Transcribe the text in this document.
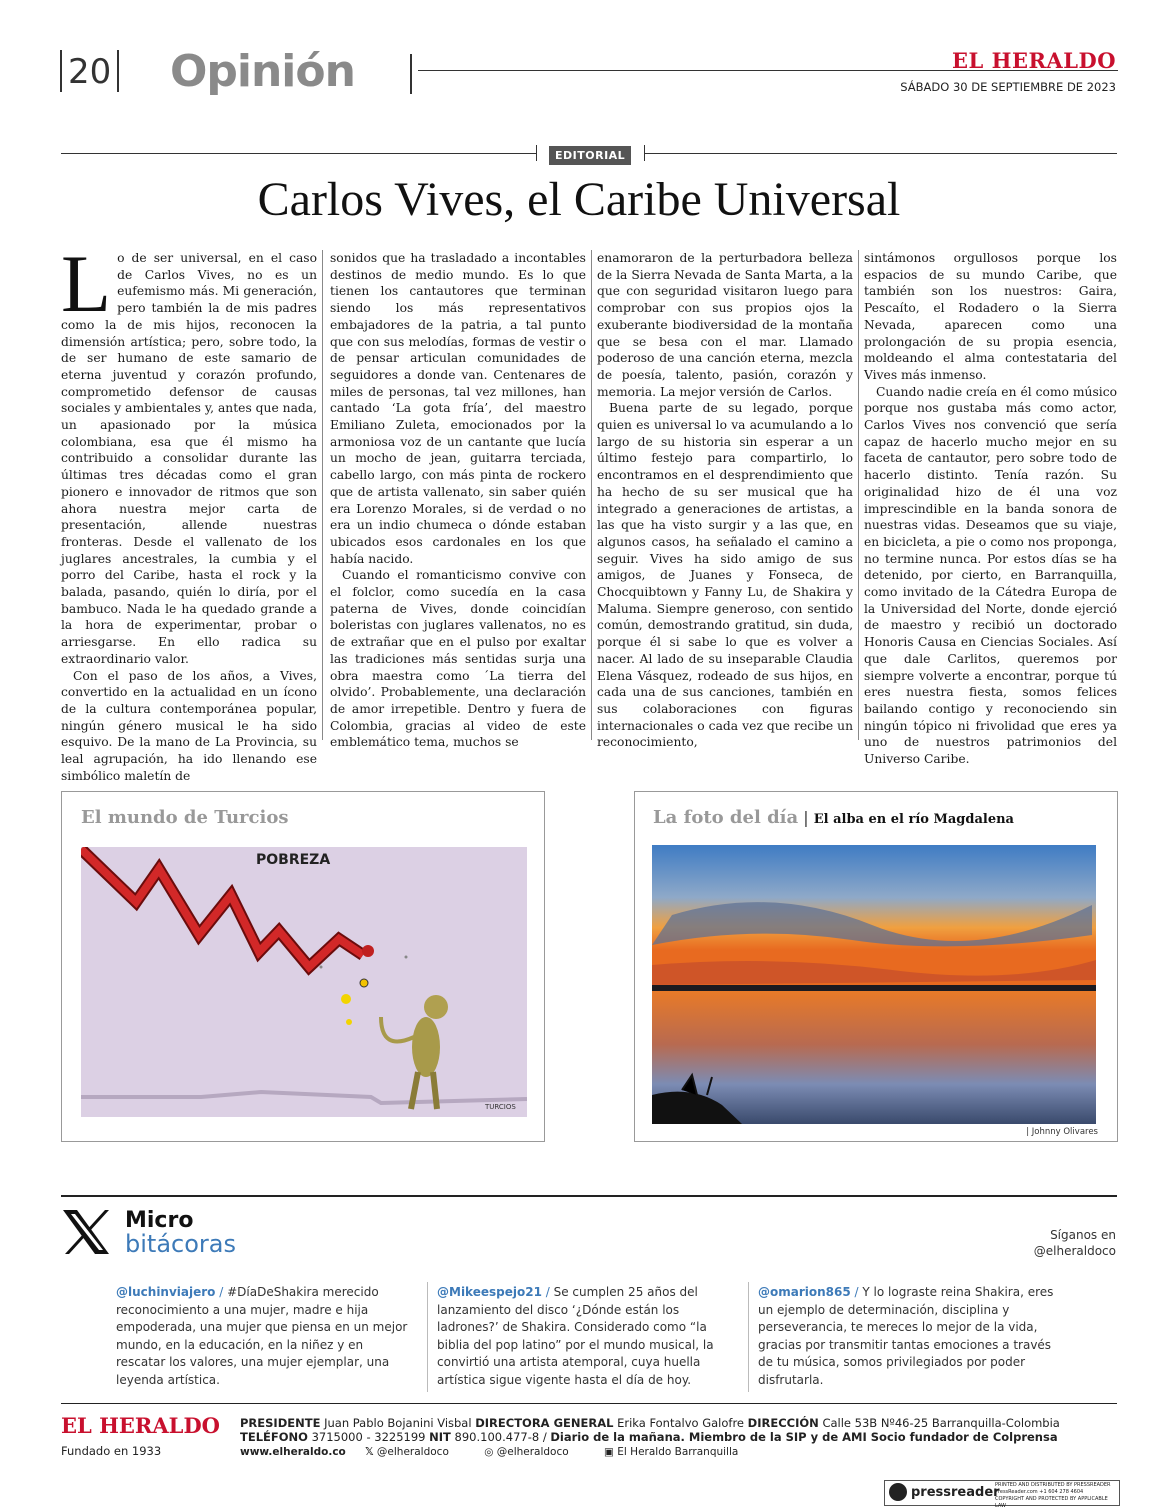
20 Opinión	EL HERALDO
SÁBADO 30 DE SEPTIEMBRE DE 2023
EDITORIAL
Carlos Vives, el Caribe Universal

Lo de ser universal, en el caso de Carlos Vives, no es un eufemismo más. Mi generación, pero también la de mis padres como la de mis hijos, reconocen la dimensión artística; pero, sobre todo, la de ser humano de este samario de eterna juventud y corazón profundo, comprometido defensor de causas sociales y ambientales y, antes que nada, un apasionado por la música colombiana, esa que él mismo ha contribuido a consolidar durante las últimas tres décadas como el gran pionero e innovador de ritmos que son ahora nuestra mejor carta de presentación, allende nuestras fronteras. Desde el vallenato de los juglares ancestrales, la cumbia y el porro del Caribe, hasta el rock y la balada, pasando, quién lo diría, por el bambuco. Nada le ha quedado grande a la hora de experimentar, probar o arriesgarse. En ello radica su extraordinario valor.

Con el paso de los años, a Vives, convertido en la actualidad en un ícono de la cultura contemporánea popular, ningún género musical le ha sido esquivo. De la mano de La Provincia, su leal agrupación, ha ido llenando ese simbólico maletín de

sonidos que ha trasladado a incontables destinos de medio mundo. Es lo que tienen los cantautores que terminan siendo los más representativos embajadores de la patria, a tal punto que con sus melodías, formas de vestir o de pensar articulan comunidades de seguidores a donde van. Centenares de miles de personas, tal vez millones, han cantado ‘La gota fría’, del maestro Emiliano Zuleta, emocionados por la armoniosa voz de un cantante que lucía un mocho de jean, guitarra terciada, cabello largo, con más pinta de rockero que de artista vallenato, sin saber quién era Lorenzo Morales, si de verdad o no era un indio chumeca o dónde estaban ubicados esos cardonales en los que había nacido.

Cuando el romanticismo convive con el folclor, como sucedía en la casa paterna de Vives, donde coincidían boleristas con juglares vallenatos, no es de extrañar que en el pulso por exaltar las tradiciones más sentidas surja una obra maestra como ´La tierra del olvido’. Probablemente, una declaración de amor irrepetible. Dentro y fuera de Colombia, gracias al video de este emblemático tema, muchos se

enamoraron de la perturbadora belleza de la Sierra Nevada de Santa Marta, a la que con seguridad visitaron luego para comprobar con sus propios ojos la exuberante biodiversidad de la montaña que se besa con el mar. Llamado poderoso de una canción eterna, mezcla de poesía, talento, pasión, corazón y memoria. La mejor versión de Carlos.

Buena parte de su legado, porque quien es universal lo va acumulando a lo largo de su historia sin esperar a un último festejo para compartirlo, lo encontramos en el desprendimiento que ha hecho de su ser musical que ha integrado a generaciones de artistas, a las que ha visto surgir y a las que, en algunos casos, ha señalado el camino a seguir. Vives ha sido amigo de sus amigos, de Juanes y Fonseca, de Chocquibtown y Fanny Lu, de Shakira y Maluma. Siempre generoso, con sentido común, demostrando gratitud, sin duda, porque él si sabe lo que es volver a nacer. Al lado de su inseparable Claudia Elena Vásquez, rodeado de sus hijos, en cada una de sus canciones, también en sus colaboraciones con figuras internacionales o cada vez que recibe un reconocimiento,

sintámonos orgullosos porque los espacios de su mundo Caribe, que también son los nuestros: Gaira, Pescaíto, el Rodadero o la Sierra Nevada, aparecen como una prolongación de su propia esencia, moldeando el alma contestataria del Vives más inmenso.

Cuando nadie creía en él como músico porque nos gustaba más como actor, Carlos Vives nos convenció que sería capaz de hacerlo mucho mejor en su faceta de cantautor, pero sobre todo de hacerlo distinto. Tenía razón. Su originalidad hizo de él una voz imprescindible en la banda sonora de nuestras vidas. Deseamos que su viaje, en bicicleta, a pie o como nos proponga, no termine nunca. Por estos días se ha detenido, por cierto, en Barranquilla, como invitado de la Cátedra Europa de la Universidad del Norte, donde ejerció de maestro y recibió un doctorado Honoris Causa en Ciencias Sociales. Así que dale Carlitos, queremos por siempre volverte a encontrar, porque tú eres nuestra fiesta, somos felices bailando contigo y reconociendo sin ningún tópico ni frivolidad que eres ya uno de nuestros patrimonios del Universo Caribe.

El mundo de Turcios
POBREZA
TURCIOS
La foto del día | El alba en el río Magdalena
| Johnny Olivares
Micro
bitácoras	Síganos en
@elheraldoco
@luchinviajero / #DíaDeShakira merecido reconocimiento a una mujer, madre e hija empoderada, una mujer que piensa en un mejor mundo, en la educación, en la niñez y en rescatar los valores, una mujer ejemplar, una leyenda artística.
@Mikeespejo21 / Se cumplen 25 años del lanzamiento del disco ‘¿Dónde están los ladrones?’ de Shakira. Considerado como “la biblia del pop latino” por el mundo musical, la convirtió una artista atemporal, cuya huella artística sigue vigente hasta el día de hoy.
@omarion865 / Y lo lograste reina Shakira, eres un ejemplo de determinación, disciplina y perseverancia, te mereces lo mejor de la vida, gracias por transmitir tantas emociones a través de tu música, somos privilegiados por poder disfrutarla.
EL HERALDO
Fundado en 1933
PRESIDENTE Juan Pablo Bojanini Visbal DIRECTORA GENERAL Erika Fontalvo Galofre DIRECCIÓN Calle 53B Nº46-25 Barranquilla-Colombia
TELÉFONO 3715000 - 3225199 NIT 890.100.477-8 / Diario de la mañana. Miembro de la SIP y de AMI Socio fundador de Colprensa
www.elheraldo.co 𝕏 @elheraldoco	◎ @elheraldoco	▣ El Heraldo Barranquilla
pressreader
PRINTED AND DISTRIBUTED BY PRESSREADER
PressReader.com +1 604 278 4604
COPYRIGHT AND PROTECTED BY APPLICABLE LAW
